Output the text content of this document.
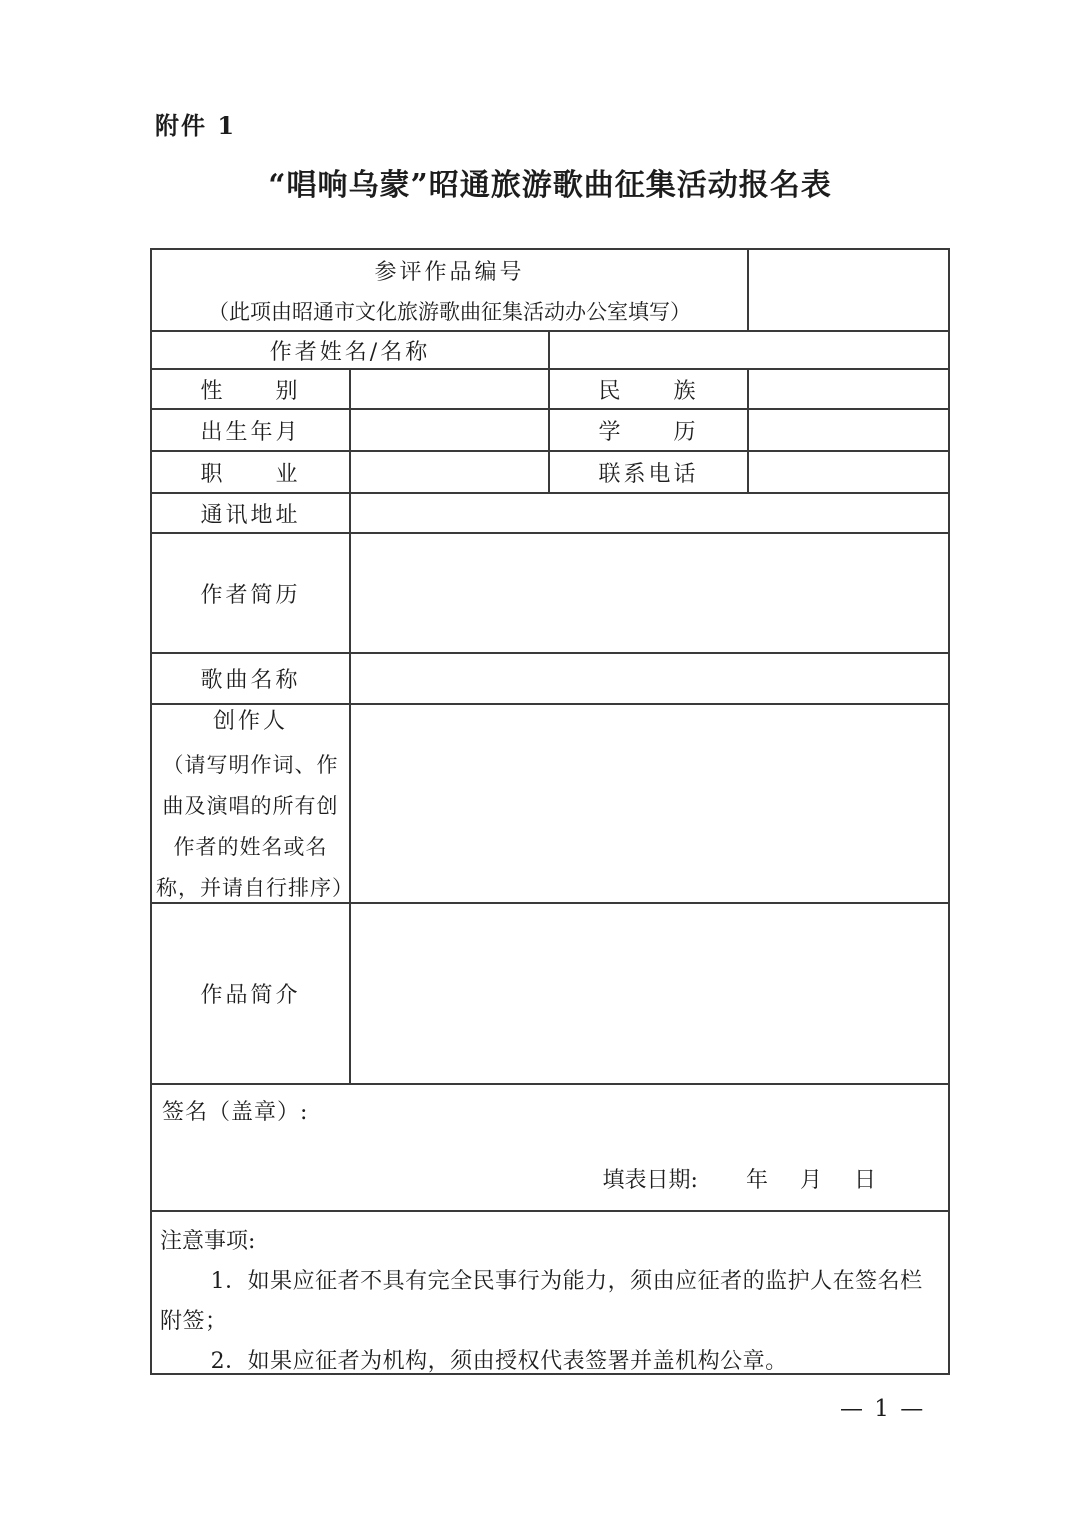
附件 1
“唱响乌蒙”昭通旅游歌曲征集活动报名表
参评作品编号
（此项由昭通市文化旅游歌曲征集活动办公室填写）
作者姓名/名称
性　　别	民　　族
出生年月	学　　历
职　　业	联系电话
通讯地址
作者简历
歌曲名称
创作人
（请写明作词、作曲及演唱的所有创作者的姓名或名称，并请自行排序）
作品简介
签名（盖章）:
填表日期: 年 月 日
注意事项:
1．如果应征者不具有完全民事行为能力，须由应征者的监护人在签名栏附签；
2．如果应征者为机构，须由授权代表签署并盖机构公章。
— 1 —
